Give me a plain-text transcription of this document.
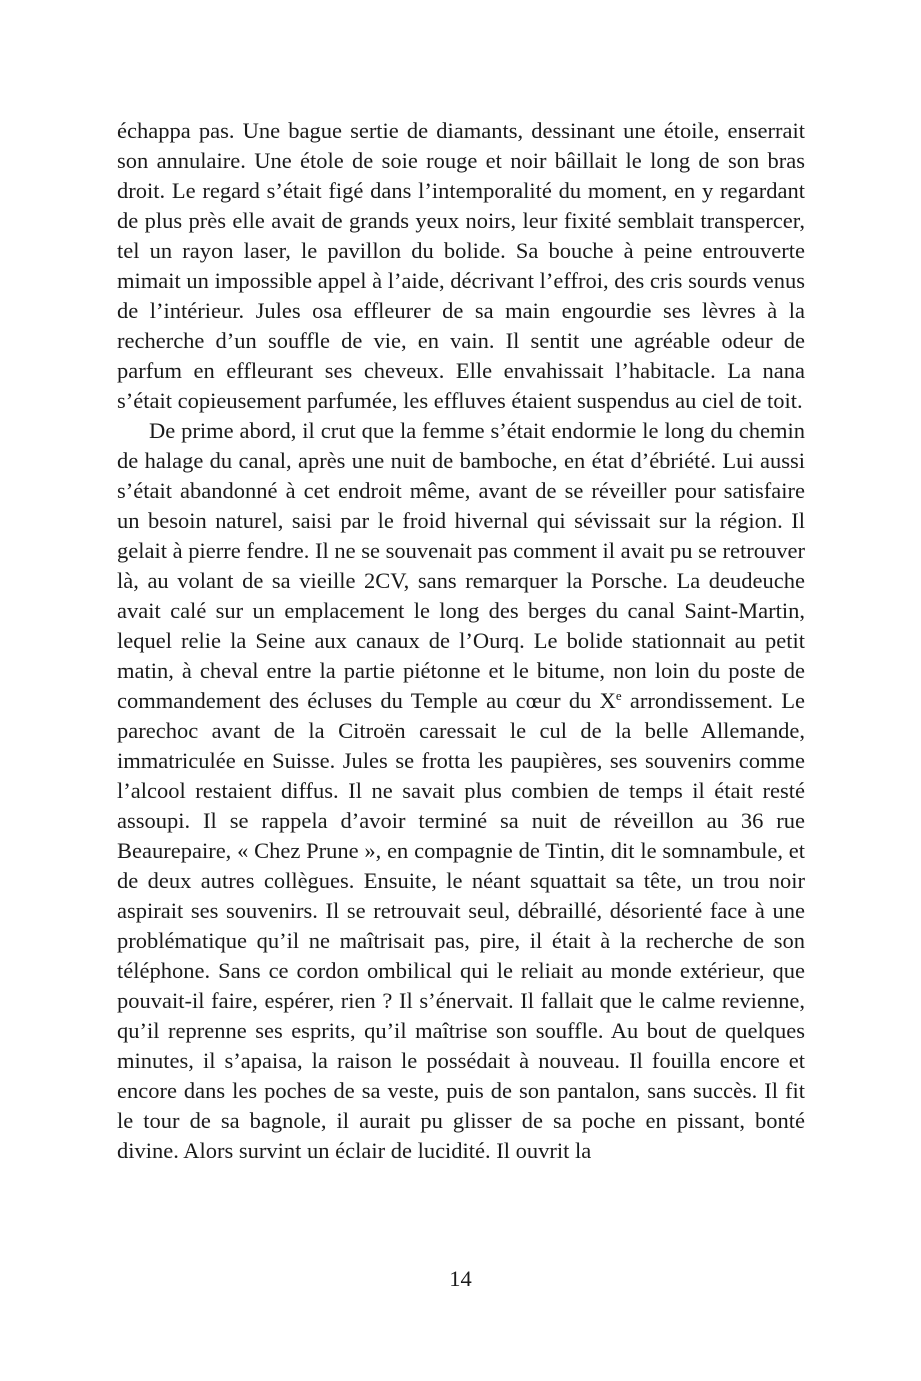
échappa pas. Une bague sertie de diamants, dessinant une étoile, enserrait son annulaire. Une étole de soie rouge et noir bâillait le long de son bras droit. Le regard s’était figé dans l’intemporalité du moment, en y regardant de plus près elle avait de grands yeux noirs, leur fixité semblait transpercer, tel un rayon laser, le pavillon du bolide. Sa bouche à peine entrouverte mimait un impossible appel à l’aide, décrivant l’effroi, des cris sourds venus de l’intérieur. Jules osa effleurer de sa main engourdie ses lèvres à la recherche d’un souffle de vie, en vain. Il sentit une agréable odeur de parfum en effleurant ses cheveux. Elle envahissait l’habitacle. La nana s’était copieusement parfumée, les effluves étaient suspendus au ciel de toit.

De prime abord, il crut que la femme s’était endormie le long du chemin de halage du canal, après une nuit de bamboche, en état d’ébriété. Lui aussi s’était abandonné à cet endroit même, avant de se réveiller pour satisfaire un besoin naturel, saisi par le froid hivernal qui sévissait sur la région. Il gelait à pierre fendre. Il ne se souvenait pas comment il avait pu se retrouver là, au volant de sa vieille 2CV, sans remarquer la Porsche. La deudeuche avait calé sur un emplacement le long des berges du canal Saint-Martin, lequel relie la Seine aux canaux de l’Ourq. Le bolide stationnait au petit matin, à cheval entre la partie piétonne et le bitume, non loin du poste de commandement des écluses du Temple au cœur du Xe arrondissement. Le parechoc avant de la Citroën caressait le cul de la belle Allemande, immatriculée en Suisse. Jules se frotta les paupières, ses souvenirs comme l’alcool restaient diffus. Il ne savait plus combien de temps il était resté assoupi. Il se rappela d’avoir terminé sa nuit de réveillon au 36 rue Beaurepaire, « Chez Prune », en compagnie de Tintin, dit le somnambule, et de deux autres collègues. Ensuite, le néant squattait sa tête, un trou noir aspirait ses souvenirs. Il se retrouvait seul, débraillé, désorienté face à une problématique qu’il ne maîtrisait pas, pire, il était à la recherche de son téléphone. Sans ce cordon ombilical qui le reliait au monde extérieur, que pouvait-il faire, espérer, rien ? Il s’énervait. Il fallait que le calme revienne, qu’il reprenne ses esprits, qu’il maîtrise son souffle. Au bout de quelques minutes, il s’apaisa, la raison le possédait à nouveau. Il fouilla encore et encore dans les poches de sa veste, puis de son pantalon, sans succès. Il fit le tour de sa bagnole, il aurait pu glisser de sa poche en pissant, bonté divine. Alors survint un éclair de lucidité. Il ouvrit la

14
